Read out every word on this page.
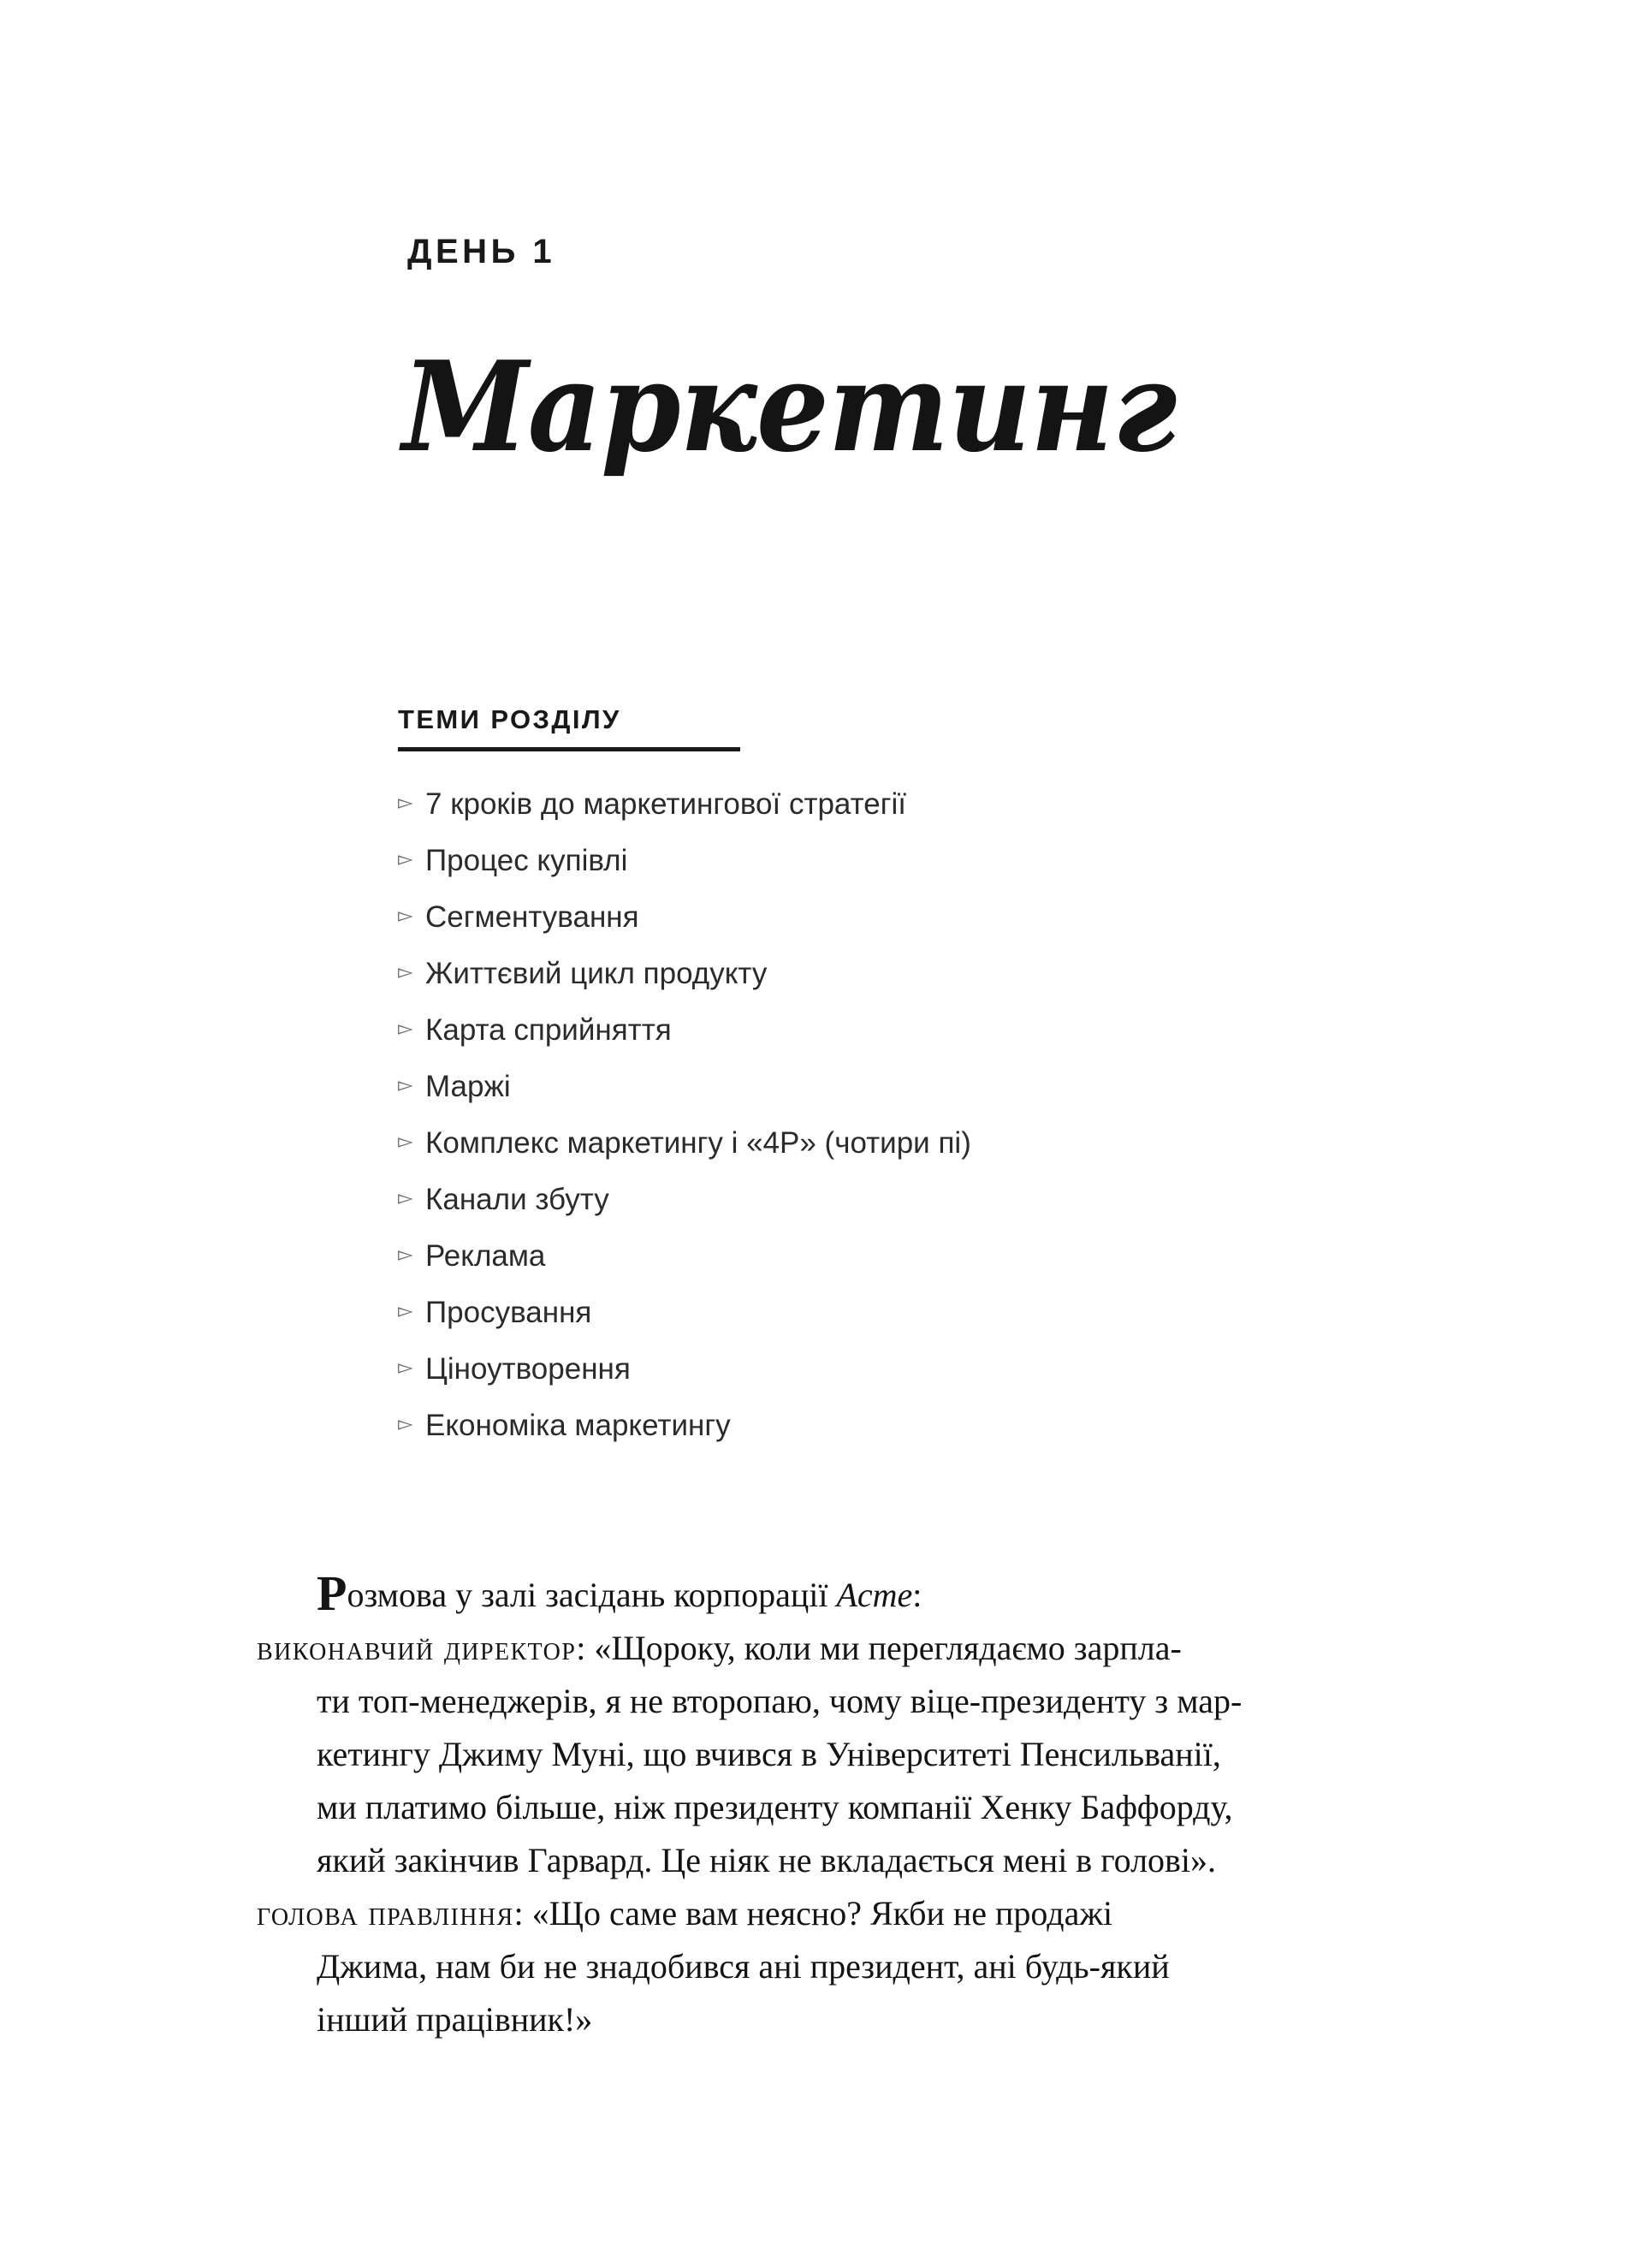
ДЕНЬ 1
Маркетинг
ТЕМИ РОЗДІЛУ
▻ 7 кроків до маркетингової стратегії
▻ Процес купівлі
▻ Сегментування
▻ Життєвий цикл продукту
▻ Карта сприйняття
▻ Маржі
▻ Комплекс маркетингу і «4P» (чотири пі)
▻ Канали збуту
▻ Реклама
▻ Просування
▻ Ціноутворення
▻ Економіка маркетингу

Розмова у залі засідань корпорації Acme:

виконавчий директор: «Щороку, коли ми переглядаємо зарпла-
ти топ-менеджерів, я не второпаю, чому віце-президенту з мар-
кетингу Джиму Муні, що вчився в Університеті Пенсильванії,
ми платимо більше, ніж президенту компанії Хенку Баффорду,
який закінчив Гарвард. Це ніяк не вкладається мені в голові».

голова правління: «Що саме вам неясно? Якби не продажі
Джима, нам би не знадобився ані президент, ані будь-який
інший працівник!»
